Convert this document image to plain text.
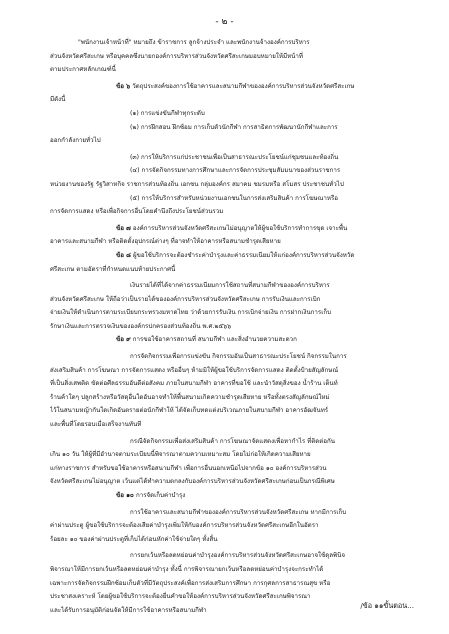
- ๒ -
"พนักงานเจ้าหน้าที่" หมายถึง ข้าราชการ ลูกจ้างประจำ และพนักงานจ้างองค์การบริหาร
ส่วนจังหวัดศรีสะเกษ หรือบุคคลซึ่งนายกองค์การบริหารส่วนจังหวัดศรีสะเกษมอบหมายให้มีหน้าที่
ตามประกาศหลักเกณฑ์นี้
ข้อ ๖ วัตถุประสงค์ของการใช้อาคารและสนามกีฬาขององค์การบริหารส่วนจังหวัดศรีสะเกษ
มีดังนี้
(๑) การแข่งขันกีฬาทุกระดับ
(๒) การฝึกสอน ฝึกซ้อม การเก็บตัวนักกีฬา การสาธิตการพัฒนานักกีฬาและการ
ออกกำลังกายทั่วไป
(๓) การให้บริการแก่ประชาชนเพื่อเป็นสาธารณะประโยชน์แก่ชุมชนและท้องถิ่น
(๔) การจัดกิจกรรมทางการศึกษาและการจัดการประชุมสัมมนาของส่วนราชการ
หน่วยงานของรัฐ รัฐวิสาหกิจ ราชการส่วนท้องถิ่น เอกชน กลุ่มองค์กร สมาคม ชมรมหรือ สโมสร ประชาชนทั่วไป
(๕) การให้บริการสำหรับหน่วยงานเอกชนในการส่งเสริมสินค้า การโฆษณาหรือ
การจัดการแสดง หรือเพื่อกิจการอื่นโดยคำนึงถึงประโยชน์ส่วนรวม
ข้อ ๗ องค์การบริหารส่วนจังหวัดศรีสะเกษไม่อนุญาตให้ผู้ขอใช้บริการทำการขุด เจาะพื้น
อาคารและสนามกีฬา หรือติดตั้งอุปกรณ์ต่างๆ ที่อาจทำให้อาคารหรือสนามชำรุดเสียหาย
ข้อ ๘ ผู้ขอใช้บริการจะต้องชำระค่าบำรุงและค่าธรรมเนียมให้แก่องค์การบริหารส่วนจังหวัด
ศรีสะเกษ ตามอัตราที่กำหนดแนบท้ายประกาศนี้
เงินรายได้ที่ได้จากค่าธรรมเนียมการใช้สถานที่สนามกีฬาขององค์การบริหาร
ส่วนจังหวัดศรีสะเกษ ให้ถือว่าเป็นรายได้ขององค์การบริหารส่วนจังหวัดศรีสะเกษ การรับเงินและการเบิก
จ่ายเงินให้ดำเนินการตามระเบียบกระทรวงมหาดไทย ว่าด้วยการรับเงิน การเบิกจ่ายเงิน การฝากเงินการเก็บ
รักษาเงินและการตรวจเงินขององค์กรปกครองส่วนท้องถิ่น พ.ศ.๒๕๖๖
ข้อ ๙ การขอใช้อาคารสถานที่ สนามกีฬา และสิ่งอำนวยความสะดวก
การจัดกิจกรรมเพื่อการแข่งขัน กิจกรรมอันเป็นสาธารณะประโยชน์ กิจกรรมในการ
ส่งเสริมสินค้า การโฆษณา การจัดการแสดง หรืออื่นๆ ห้ามมิให้ผู้ขอใช้บริการจัดการแสดง ติดตั้งป้ายสัญลักษณ์
ที่เป็นสิ่งเสพติด ขัดต่อศีลธรรมอันดีต่อสังคม ภายในสนามกีฬา อาคารที่ขอใช้ และนำวัสดุสิ่งของ น้ำร้าน เต็นท์
ร้านค้าใดๆ ปลูกสร้างหรือวัสดุอื่นใดอันอาจทำให้พื้นสนามเกิดความชำรุดเสียหาย หรือทั้งตรงสัญลักษณ์ใหม่
ไว้ในสนามหญ้ากันใดเกิดอันตรายต่อนักกีฬาให้ ได้จัดเก็บทดแต่งบริเวณภายในสนามกีฬา อาคารอัฒจันทร์
และพื้นที่โดยรอบเมื่อเสร็จงานทันที
กรณีจัดกิจกรรมเพื่อส่งเสริมสินค้า การโฆษณาจัดแสดงเพื่อหากำไร ที่ติดต่อกัน
เกิน ๑๐ วัน ให้ผู้ที่มีอำนาจตามระเบียบนี้พิจารณาตามความเหมาะสม โดยไม่ก่อให้เกิดความเสียหาย
แก่ทางราชการ สำหรับขอใช้อาคารหรือสนามกีฬา เพื่อการอื่นนอกเหนือไปจากข้อ ๑๐ องค์การบริหารส่วน
จังหวัดศรีสะเกษไม่อนุญาต เว้นแต่ได้ทำความตกลงกับองค์การบริหารส่วนจังหวัดศรีสะเกษก่อนเป็นกรณีพิเศษ
ข้อ ๑๐ การจัดเก็บค่าบำรุง
การใช้อาคารและสนามกีฬาขององค์การบริหารส่วนจังหวัดศรีสะเกษ หากมีการเก็บ
ค่าผ่านประตู ผู้ขอใช้บริการจะต้องเสียค่าบำรุงเพิ่มให้กับองค์การบริหารส่วนจังหวัดศรีสะเกษอีกในอัตรา
ร้อยละ ๑๐ ของค่าผ่านประตูที่เก็บได้ก่อนหักค่าใช้จ่ายใดๆ ทั้งสิ้น
การยกเว้นหรือลดหย่อนค่าบำรุงองค์การบริหารส่วนจังหวัดศรีสะเกษอาจใช้ดุลพินิจ
พิจารณาให้มีการยกเว้นหรือลดหย่อนค่าบำรุง ทั้งนี้ การพิจารณายกเว้นหรือลดหย่อนค่าบำรุงจะกระทำได้
เฉพาะการจัดกิจกรรมฝึกซ้อมเก็บตัวที่มีวัตถุประสงค์เพื่อการส่งเสริมการศึกษา การกุศลการสาธารณสุข หรือ
ประชาสงเคราะห์ โดยผู้ขอใช้บริการจะต้องยื่นคำขอให้องค์การบริหารส่วนจังหวัดศรีสะเกษพิจารณา
และได้รับการอนุมัติก่อนจัดให้มีการใช้อาคารหรือสนามกีฬา
/ข้อ ๑๑ขั้นตอน...
